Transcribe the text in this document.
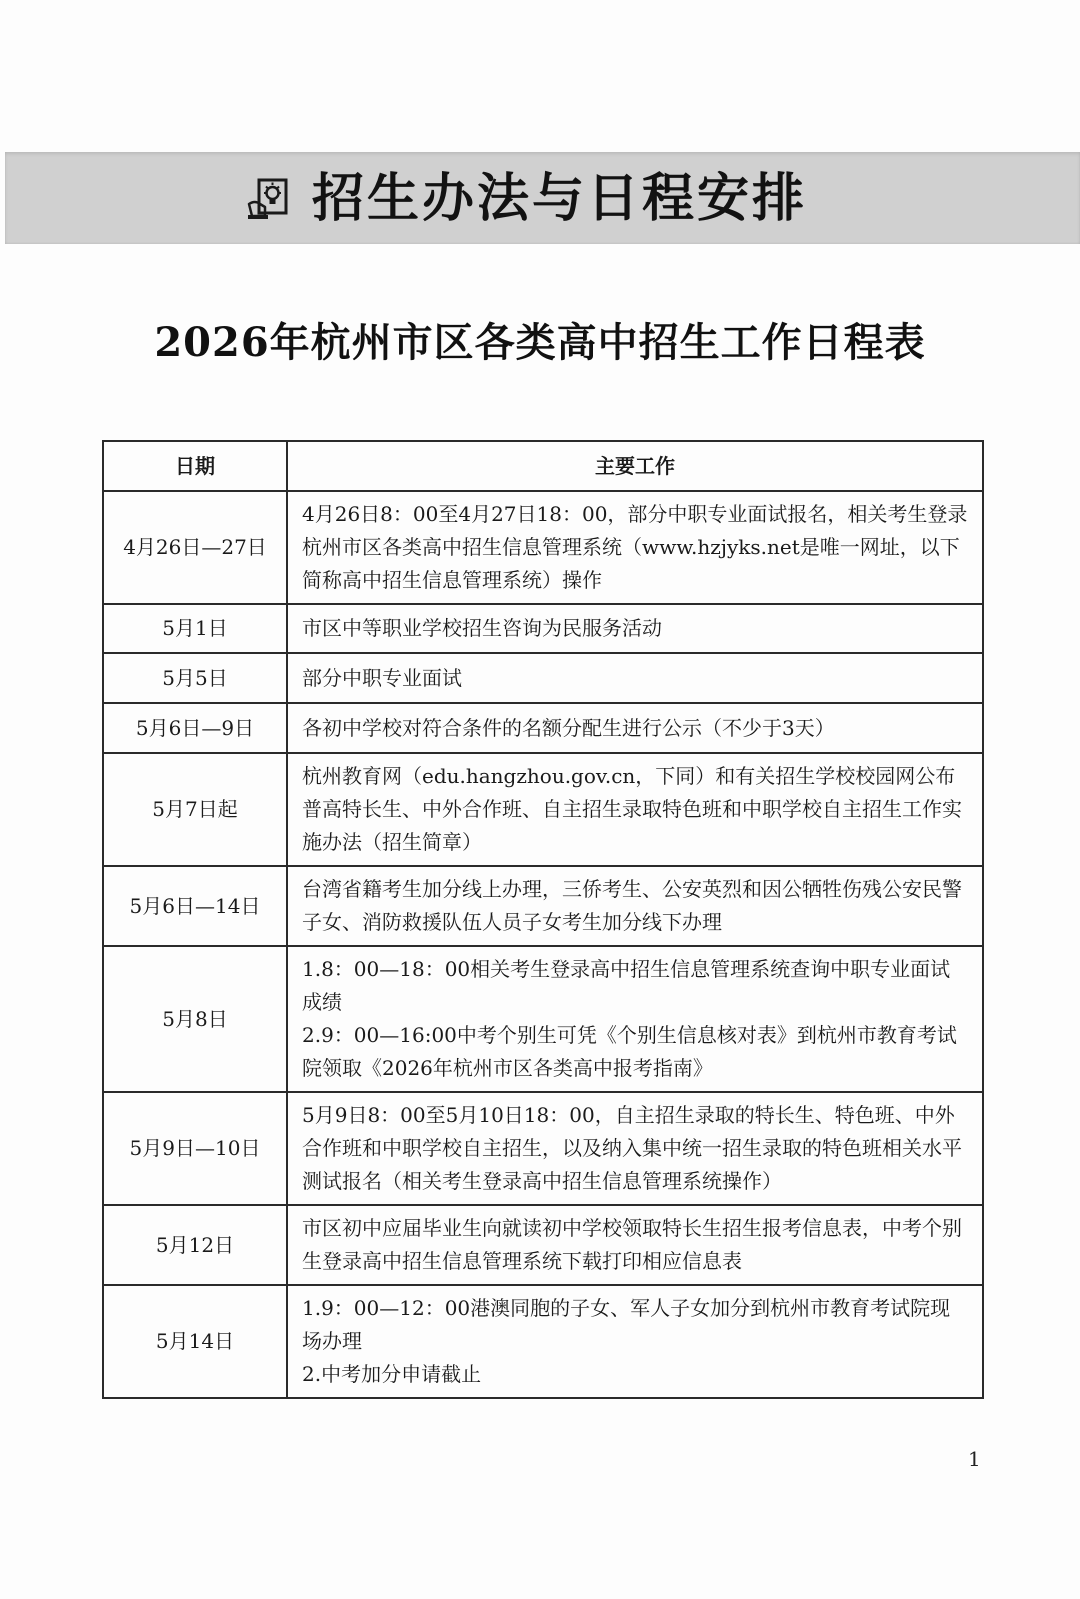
招生办法与日程安排
2026年杭州市区各类高中招生工作日程表
日期	主要工作
4月26日—27日	4月26日8：00至4月27日18：00，部分中职专业面试报名，相关考生登录杭州市区各类高中招生信息管理系统（www.hzjyks.net是唯一网址，以下简称高中招生信息管理系统）操作

5月1日	市区中等职业学校招生咨询为民服务活动

5月5日	部分中职专业面试

5月6日—9日	各初中学校对符合条件的名额分配生进行公示（不少于3天）

5月7日起	杭州教育网（edu.hangzhou.gov.cn，下同）和有关招生学校校园网公布普高特长生、中外合作班、自主招生录取特色班和中职学校自主招生工作实施办法（招生简章）

5月6日—14日	台湾省籍考生加分线上办理，三侨考生、公安英烈和因公牺牲伤残公安民警子女、消防救援队伍人员子女考生加分线下办理

5月8日	1.8：00—18：00相关考生登录高中招生信息管理系统查询中职专业面试成绩
2.9：00—16:00中考个别生可凭《个别生信息核对表》到杭州市教育考试院领取《2026年杭州市区各类高中报考指南》

5月9日—10日	5月9日8：00至5月10日18：00，自主招生录取的特长生、特色班、中外合作班和中职学校自主招生，以及纳入集中统一招生录取的特色班相关水平测试报名（相关考生登录高中招生信息管理系统操作）

5月12日	市区初中应届毕业生向就读初中学校领取特长生招生报考信息表，中考个别生登录高中招生信息管理系统下载打印相应信息表

5月14日	1.9：00—12：00港澳同胞的子女、军人子女加分到杭州市教育考试院现场办理
2.中考加分申请截止
1
